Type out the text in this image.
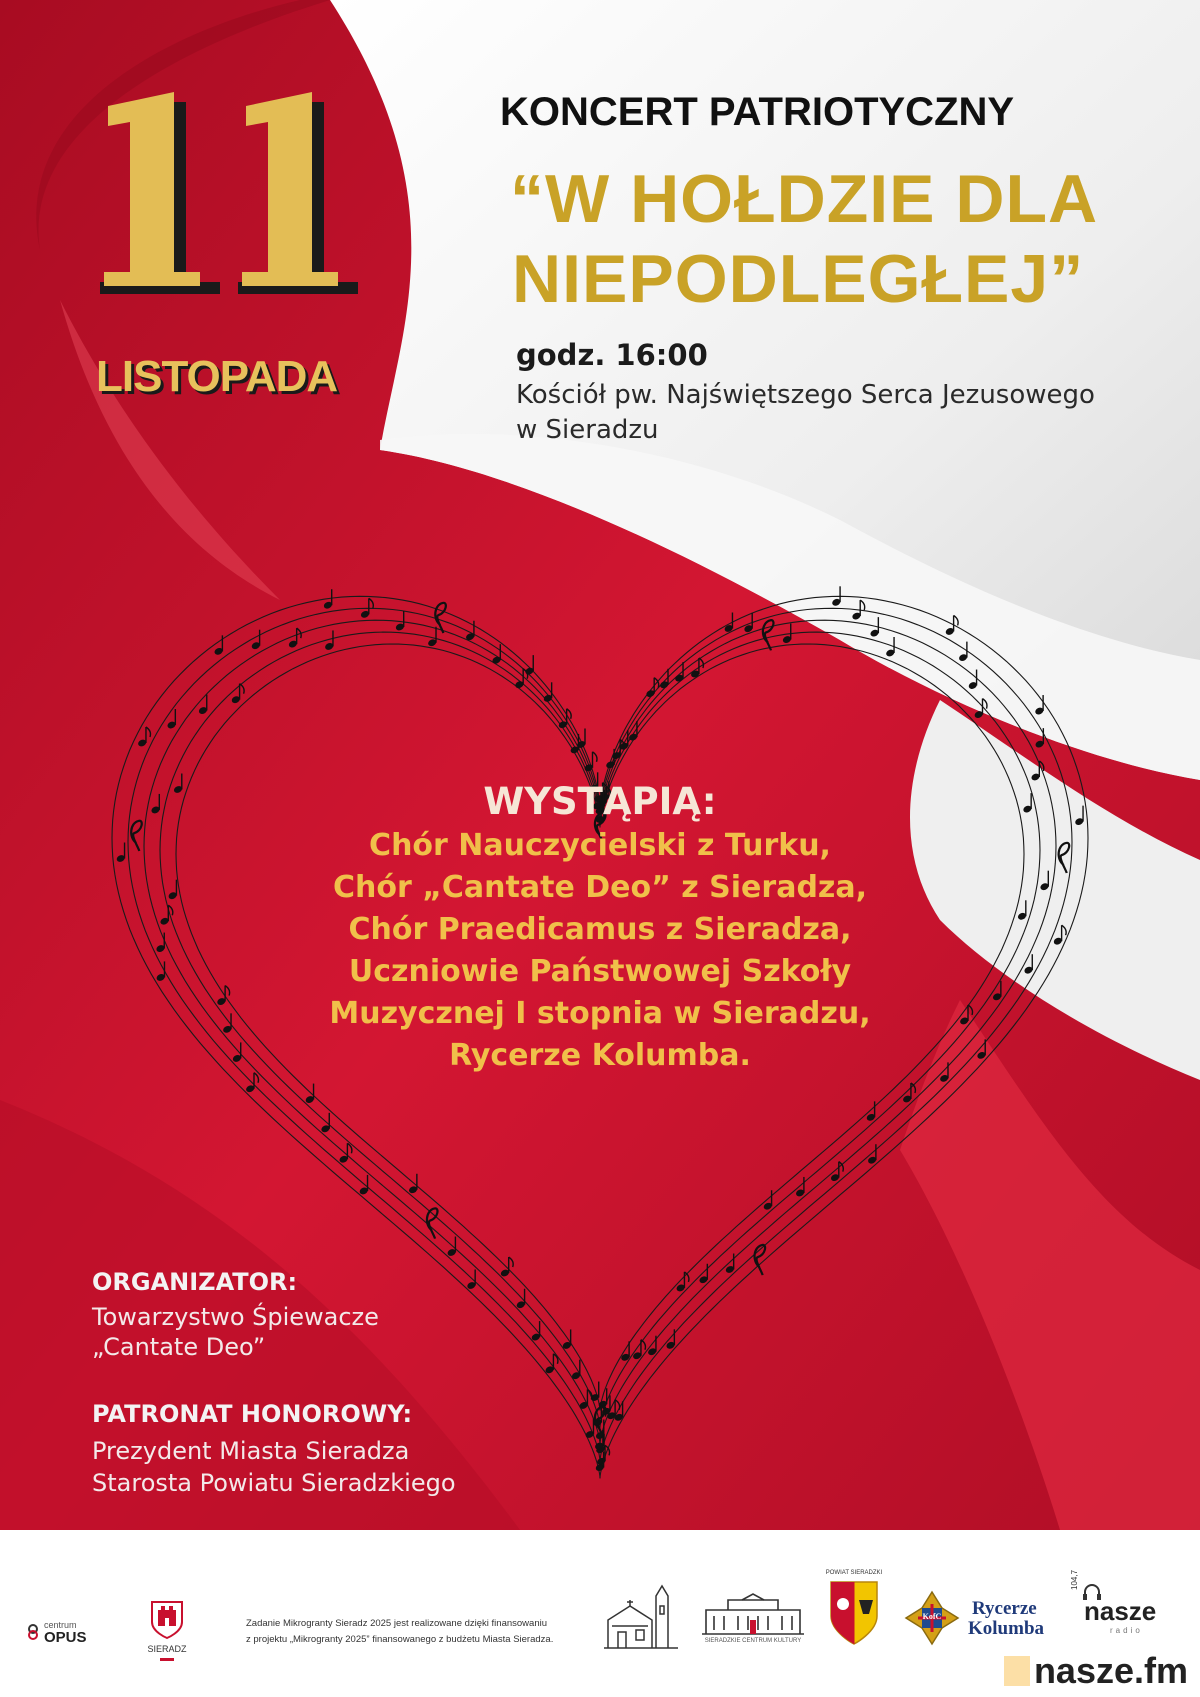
11
LISTOPADA
KONCERT PATRIOTYCZNY
“W HOŁDZIE DLA
NIEPODLEGŁEJ”
godz. 16:00
Kościół pw. Najświętszego Serca Jezusowego
w Sieradzu
WYSTĄPIĄ:
Chór Nauczycielski z Turku,
Chór „Cantate Deo” z Sieradza,
Chór Praedicamus z Sieradza,
Uczniowie Państwowej Szkoły
Muzycznej I stopnia w Sieradzu,
Rycerze Kolumba.
ORGANIZATOR:
Towarzystwo Śpiewacze
„Cantate Deo”
PATRONAT HONOROWY:
Prezydent Miasta Sieradza
Starosta Powiatu Sieradzkiego
centrum
OPUS
SIERADZ
Zadanie Mikrogranty Sieradz 2025 jest realizowane dzięki finansowaniu
z projektu „Mikrogranty 2025” finansowanego z budżetu Miasta Sieradza.	SIERADZKIE CENTRUM KULTURY
POWIAT SIERADZKI
KofC Rycerze
Kolumba
104,7
nasze
radio
nasze.fm
